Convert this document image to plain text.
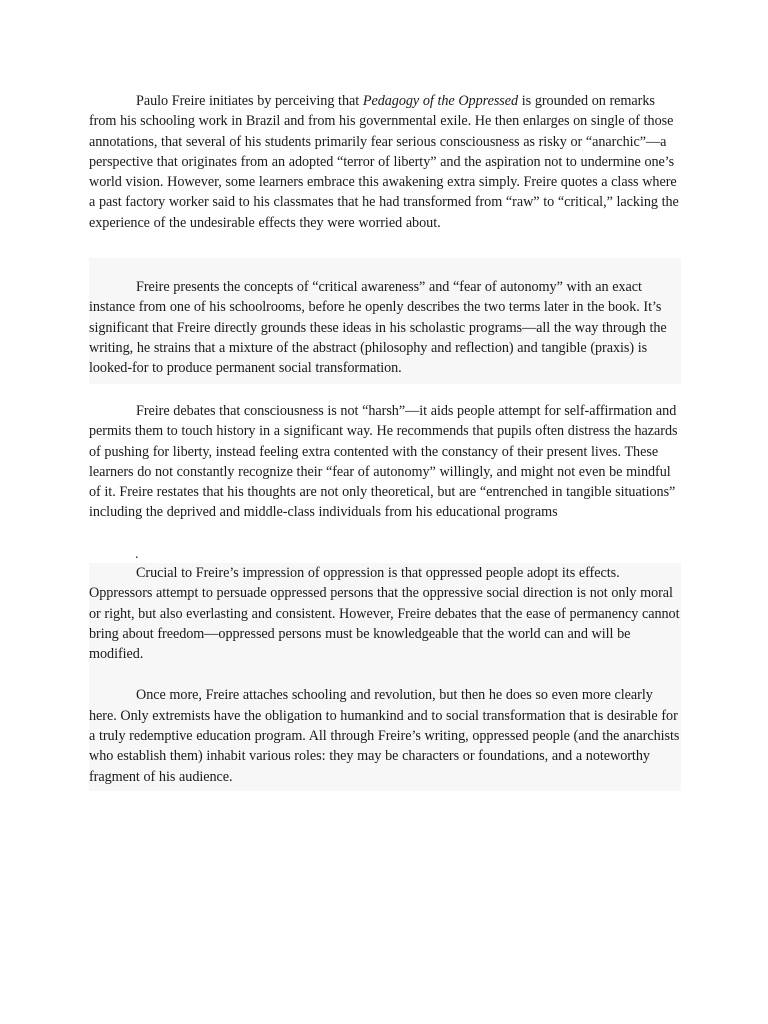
Paulo Freire initiates by perceiving that Pedagogy of the Oppressed is grounded on remarks from his schooling work in Brazil and from his governmental exile. He then enlarges on single of those annotations, that several of his students primarily fear serious consciousness as risky or “anarchic”—a perspective that originates from an adopted “terror of liberty” and the aspiration not to undermine one’s world vision. However, some learners embrace this awakening extra simply. Freire quotes a class where a past factory worker said to his classmates that he had transformed from “raw” to “critical,” lacking the experience of the undesirable effects they were worried about.

Freire presents the concepts of “critical awareness” and “fear of autonomy” with an exact instance from one of his schoolrooms, before he openly describes the two terms later in the book. It’s significant that Freire directly grounds these ideas in his scholastic programs—all the way through the writing, he strains that a mixture of the abstract (philosophy and reflection) and tangible (praxis) is looked-for to produce permanent social transformation.

Freire debates that consciousness is not “harsh”—it aids people attempt for self-affirmation and permits them to touch history in a significant way. He recommends that pupils often distress the hazards of pushing for liberty, instead feeling extra contented with the constancy of their present lives. These learners do not constantly recognize their “fear of autonomy” willingly, and might not even be mindful of it. Freire restates that his thoughts are not only theoretical, but are “entrenched in tangible situations” including the deprived and middle-class individuals from his educational programs

.

Crucial to Freire’s impression of oppression is that oppressed people adopt its effects. Oppressors attempt to persuade oppressed persons that the oppressive social direction is not only moral or right, but also everlasting and consistent. However, Freire debates that the ease of permanency cannot bring about freedom—oppressed persons must be knowledgeable that the world can and will be modified.

Once more, Freire attaches schooling and revolution, but then he does so even more clearly here. Only extremists have the obligation to humankind and to social transformation that is desirable for a truly redemptive education program. All through Freire’s writing, oppressed people (and the anarchists who establish them) inhabit various roles: they may be characters or foundations, and a noteworthy fragment of his audience.
